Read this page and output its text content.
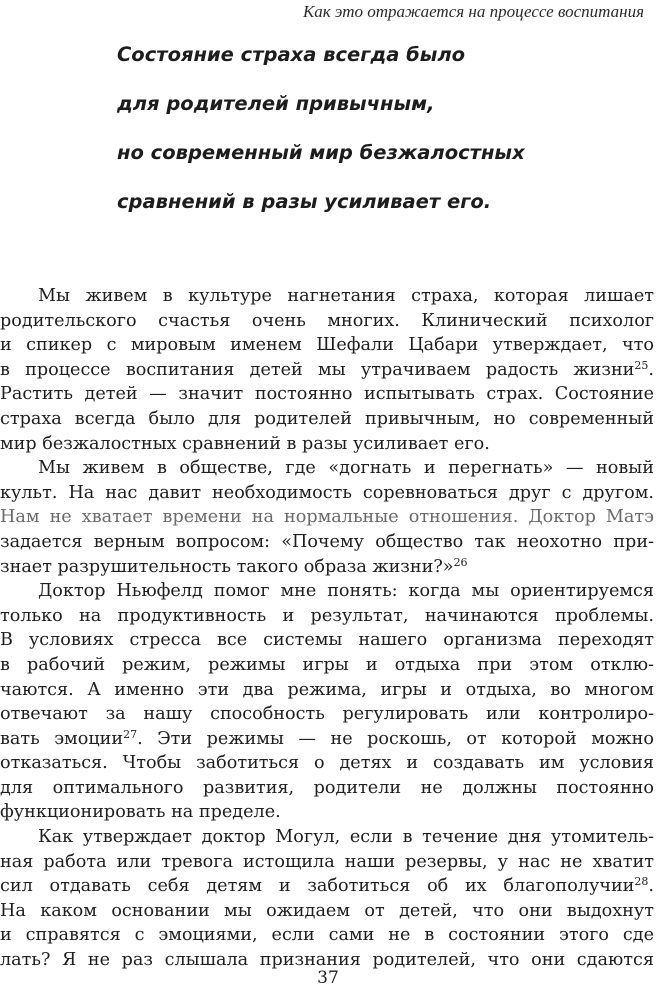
Как это отражается на процессе воспитания
Состояние страха всегда было
для родителей привычным,
но современный мир безжалостных
сравнений в разы усиливает его.
Мы живем в культуре нагнетания страха, которая лишает
родительского счастья очень многих. Клинический психолог
и спикер с мировым именем Шефали Цабари утверждает, что
в процессе воспитания детей мы утрачиваем радость жизни$^{25}$.
Растить детей — значит постоянно испытывать страх. Состояние
страха всегда было для родителей привычным, но современный
мир безжалостных сравнений в разы усиливает его.
Мы живем в обществе, где «догнать и перегнать» — новый
культ. На нас давит необходимость соревноваться друг с другом.
Нам не хватает времени на нормальные отношения. Доктор Матэ
задается верным вопросом: «Почему общество так неохотно при-
знает разрушительность такого образа жизни?»$^{26}$
Доктор Ньюфелд помог мне понять: когда мы ориентируемся
только на продуктивность и результат, начинаются проблемы.
В условиях стресса все системы нашего организма переходят
в рабочий режим, режимы игры и отдыха при этом отклю-
чаются. А именно эти два режима, игры и отдыха, во многом
отвечают за нашу способность регулировать или контролиро-
вать эмоции$^{27}$. Эти режимы — не роскошь, от которой можно
отказаться. Чтобы заботиться о детях и создавать им условия
для оптимального развития, родители не должны постоянно
функционировать на пределе.
Как утверждает доктор Могул, если в течение дня утомитель-
ная работа или тревога истощила наши резервы, у нас не хватит
сил отдавать себя детям и заботиться об их благополучии$^{28}$.
На каком основании мы ожидаем от детей, что они выдохнут
и справятся с эмоциями, если сами не в состоянии этого сде
лать? Я не раз слышала признания родителей, что они сдаются
37
